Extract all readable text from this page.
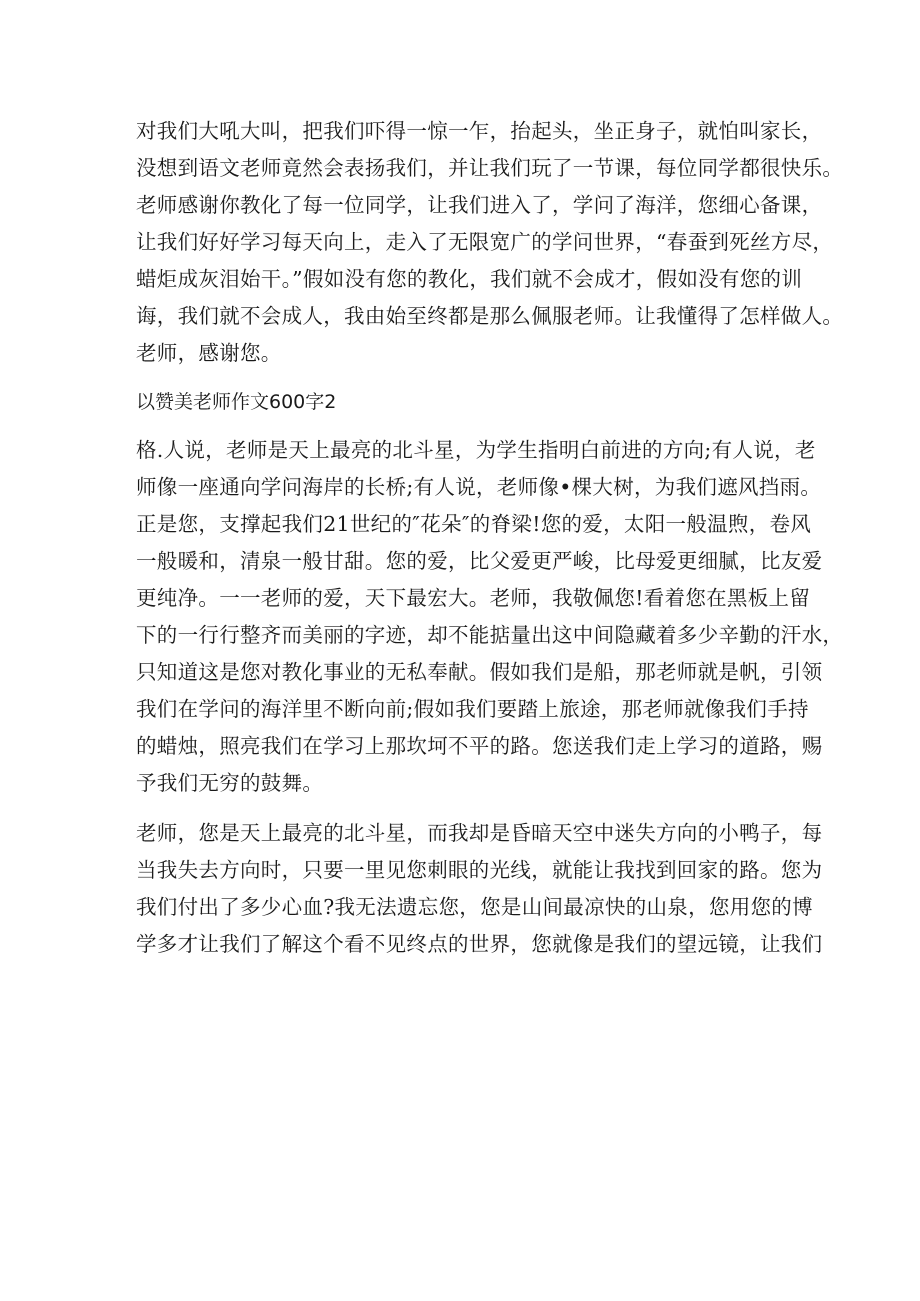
对我们大吼大叫，把我们吓得一惊一乍，抬起头，坐正身子，就怕叫家长，
没想到语文老师竟然会表扬我们，并让我们玩了一节课，每位同学都很快乐。
老师感谢你教化了每一位同学，让我们进入了，学问了海洋，您细心备课，
让我们好好学习每天向上，走入了无限宽广的学问世界，“春蚕到死丝方尽，
蜡炬成灰泪始干。”假如没有您的教化，我们就不会成才，假如没有您的训
诲，我们就不会成人，我由始至终都是那么佩服老师。让我懂得了怎样做人。
老师，感谢您。
以赞美老师作文600字2
格.人说，老师是天上最亮的北斗星，为学生指明白前进的方向;有人说，老
师像一座通向学问海岸的长桥;有人说，老师像•棵大树，为我们遮风挡雨。
正是您，支撑起我们21世纪的″花朵″的脊梁!您的爱，太阳一般温煦，卷风
一般暖和，清泉一般甘甜。您的爱，比父爱更严峻，比母爱更细腻，比友爱
更纯净。一一老师的爱，天下最宏大。老师，我敬佩您!看着您在黑板上留
下的一行行整齐而美丽的字迹，却不能掂量出这中间隐藏着多少辛勤的汗水，
只知道这是您对教化事业的无私奉献。假如我们是船，那老师就是帆，引领
我们在学问的海洋里不断向前;假如我们要踏上旅途，那老师就像我们手持
的蜡烛，照亮我们在学习上那坎坷不平的路。您送我们走上学习的道路，赐
予我们无穷的鼓舞。
老师，您是天上最亮的北斗星，而我却是昏暗天空中迷失方向的小鸭子，每
当我失去方向时，只要一里见您刺眼的光线，就能让我找到回家的路。您为
我们付出了多少心血?我无法遗忘您，您是山间最凉快的山泉，您用您的博
学多才让我们了解这个看不见终点的世界，您就像是我们的望远镜，让我们
